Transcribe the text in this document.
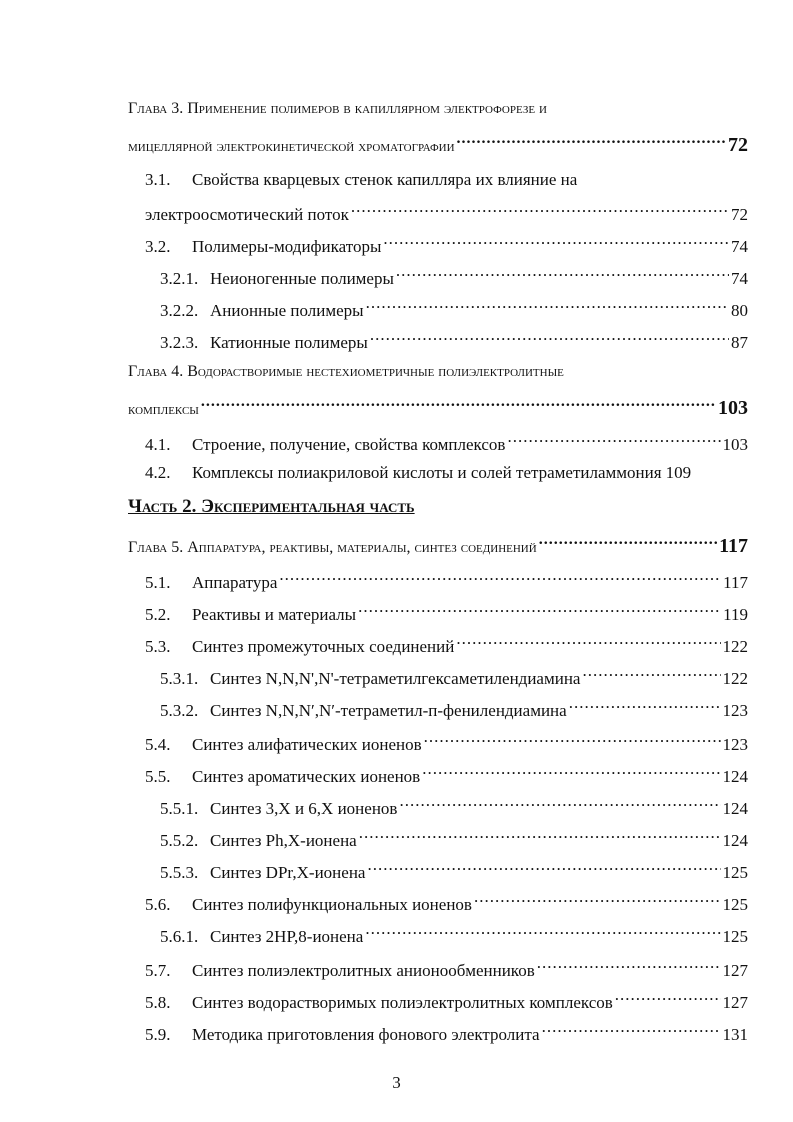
Глава 3. Применение полимеров в капиллярном электрофорезе и
мицеллярной электрокинетической хроматографии .....	72
3.1.	Свойства кварцевых стенок капилляра их влияние на
электроосмотический поток .....	72
3.2.	Полимеры-модификаторы .....	74
3.2.1. Неионогенные полимеры .....	74
3.2.2. Анионные полимеры .....	80
3.2.3. Катионные полимеры .....	87
Глава 4. Водорастворимые нестехиометричные полиэлектролитные
комплексы .....	103
4.1.	Строение, получение, свойства комплексов .....	103
4.2.	Комплексы полиакриловой кислоты и солей тетраметиламмония 109
Часть 2. Экспериментальная часть
Глава 5. Аппаратура, реактивы, материалы, синтез соединений .....	117
5.1.	Аппаратура .....	117
5.2.	Реактивы и материалы .....	119
5.3.	Синтез промежуточных соединений .....	122
5.3.1. Синтез N,N,N',N'-тетраметилгексаметилендиамина .....	122
5.3.2. Синтез N,N,N′,N′-тетраметил-п-фенилендиамина .....	123
5.4.	Синтез алифатических ионенов .....	123
5.5.	Синтез ароматических ионенов .....	124
5.5.1. Синтез 3,X и 6,X ионенов .....	124
5.5.2. Синтез Ph,X-ионена .....	124
5.5.3. Синтез DPr,X-ионена .....	125
5.6.	Синтез полифункциональных ионенов .....	125
5.6.1. Синтез 2HP,8-ионена .....	125
5.7.	Синтез полиэлектролитных анионообменников .....	127
5.8.	Синтез водорастворимых полиэлектролитных комплексов .....	127
5.9.	Методика приготовления фонового электролита .....	131
3
